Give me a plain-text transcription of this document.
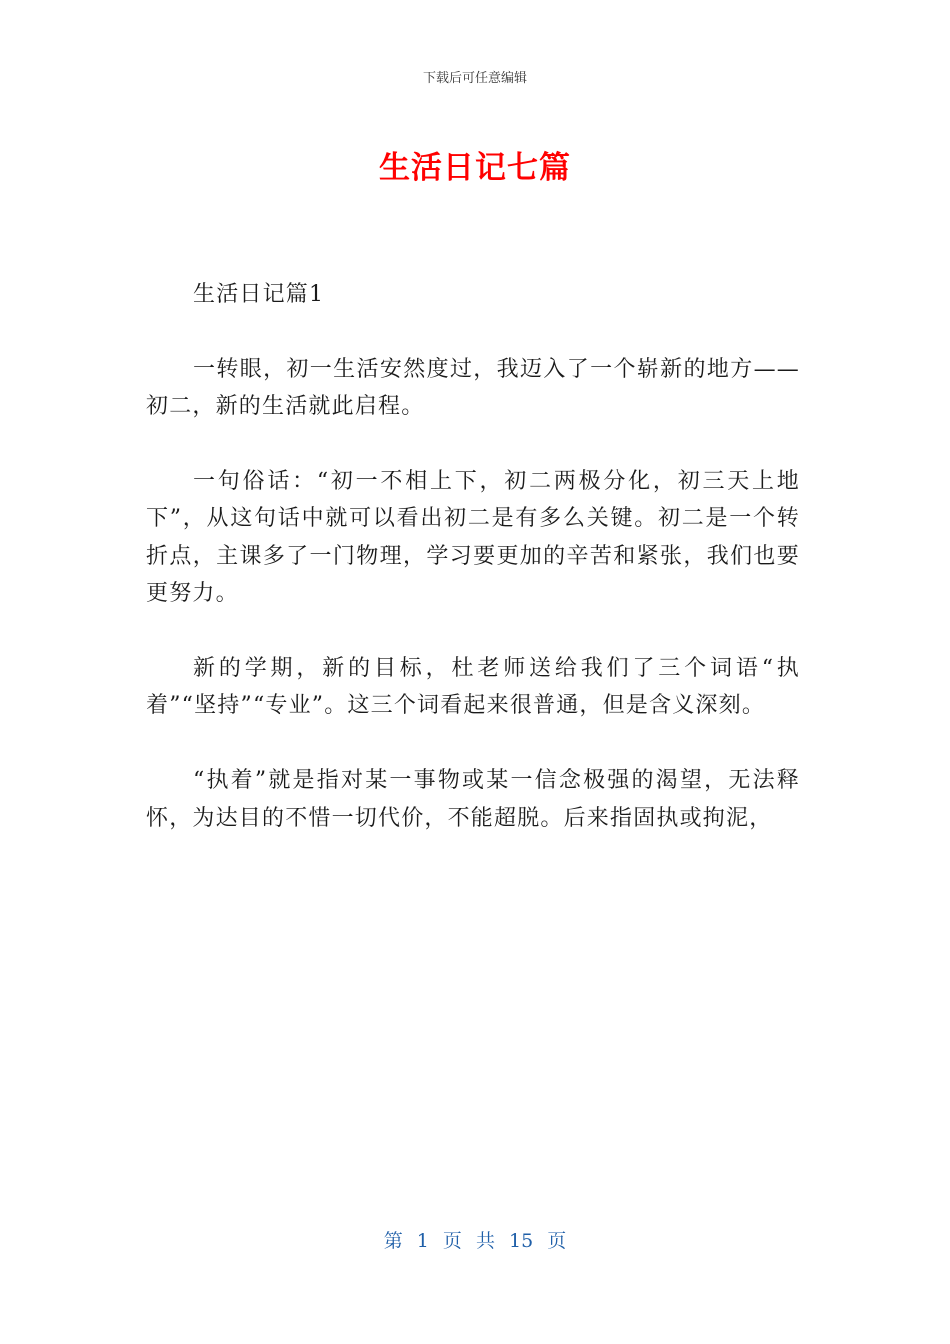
下载后可任意编辑
生活日记七篇

生活日记篇1

一转眼，初一生活安然度过，我迈入了一个崭新的地方——初二，新的生活就此启程。

一句俗话：“初一不相上下，初二两极分化，初三天上地下”，从这句话中就可以看出初二是有多么关键。初二是一个转折点，主课多了一门物理，学习要更加的辛苦和紧张，我们也要更努力。

新的学期，新的目标，杜老师送给我们了三个词语“执着”“坚持”“专业”。这三个词看起来很普通，但是含义深刻。

“执着”就是指对某一事物或某一信念极强的渴望，无法释怀，为达目的不惜一切代价，不能超脱。后来指固执或拘泥，

第 1 页 共 15 页
